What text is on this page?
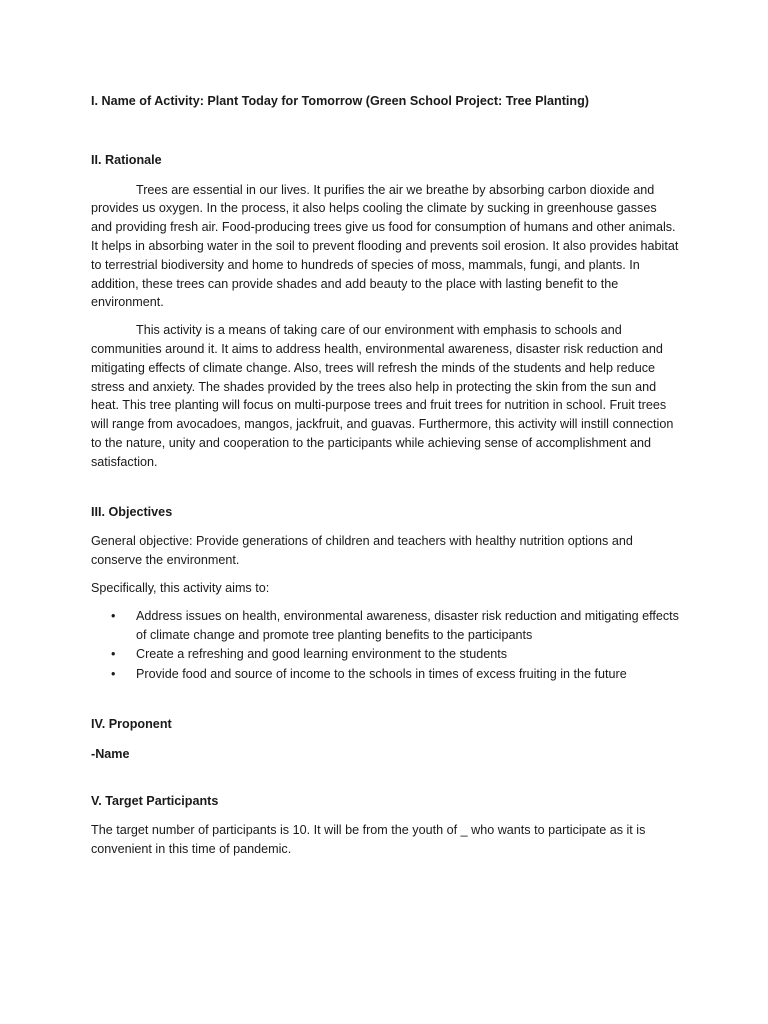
I. Name of Activity: Plant Today for Tomorrow (Green School Project: Tree Planting)

II. Rationale

Trees are essential in our lives. It purifies the air we breathe by absorbing carbon dioxide and provides us oxygen. In the process, it also helps cooling the climate by sucking in greenhouse gasses and providing fresh air. Food-producing trees give us food for consumption of humans and other animals. It helps in absorbing water in the soil to prevent flooding and prevents soil erosion. It also provides habitat to terrestrial biodiversity and home to hundreds of species of moss, mammals, fungi, and plants. In addition, these trees can provide shades and add beauty to the place with lasting benefit to the environment.

This activity is a means of taking care of our environment with emphasis to schools and communities around it. It aims to address health, environmental awareness, disaster risk reduction and mitigating effects of climate change. Also, trees will refresh the minds of the students and help reduce stress and anxiety. The shades provided by the trees also help in protecting the skin from the sun and heat. This tree planting will focus on multi-purpose trees and fruit trees for nutrition in school. Fruit trees will range from avocadoes, mangos, jackfruit, and guavas. Furthermore, this activity will instill connection to the nature, unity and cooperation to the participants while achieving sense of accomplishment and satisfaction.

III. Objectives

General objective: Provide generations of children and teachers with healthy nutrition options and conserve the environment.

Specifically, this activity aims to:

• Address issues on health, environmental awareness, disaster risk reduction and mitigating effects of climate change and promote tree planting benefits to the participants
• Create a refreshing and good learning environment to the students
• Provide food and source of income to the schools in times of excess fruiting in the future

IV. Proponent

-Name

V. Target Participants

The target number of participants is 10. It will be from the youth of _ who wants to participate as it is convenient in this time of pandemic.
